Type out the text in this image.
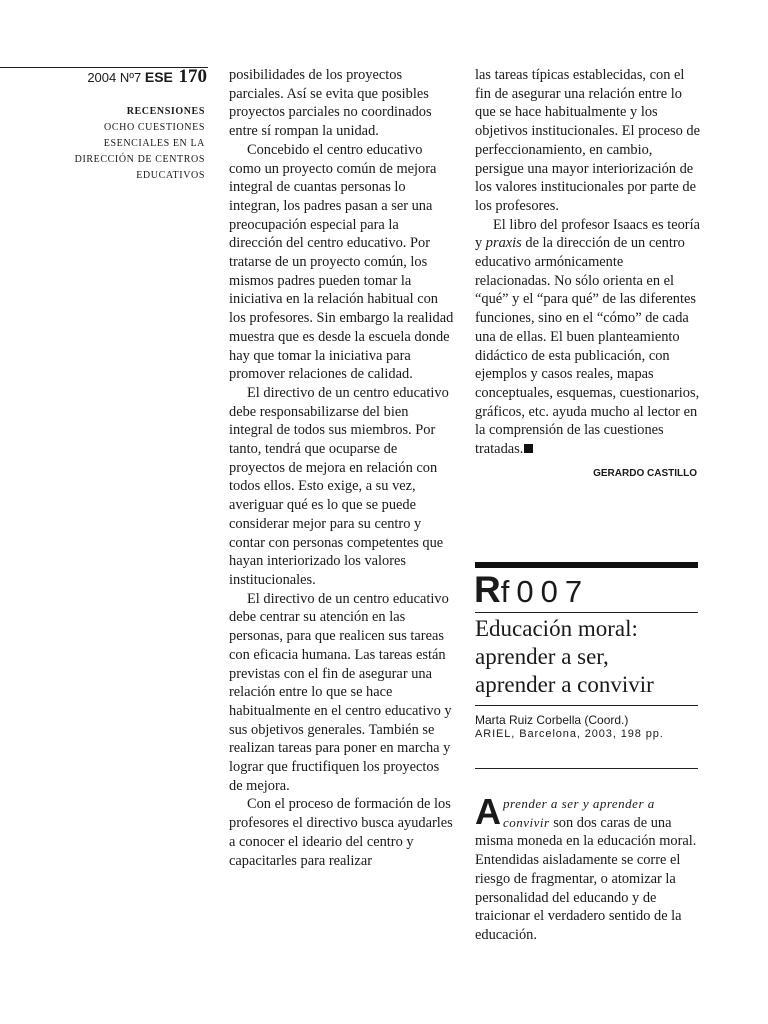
2004 Nº7 ESE 170
RECENSIONES
OCHO CUESTIONES
ESENCIALES EN LA
DIRECCIÓN DE CENTROS
EDUCATIVOS

posibilidades de los proyectos parciales. Así se evita que posibles proyectos parciales no coordinados entre sí rompan la unidad.

Concebido el centro educativo como un proyecto común de mejora integral de cuantas personas lo integran, los padres pasan a ser una preocupación especial para la dirección del centro educativo. Por tratarse de un proyecto común, los mismos padres pueden tomar la iniciativa en la relación habitual con los profesores. Sin embargo la realidad muestra que es desde la escuela donde hay que tomar la iniciativa para promover relaciones de calidad.

El directivo de un centro educativo debe responsabilizarse del bien integral de todos sus miembros. Por tanto, tendrá que ocuparse de proyectos de mejora en relación con todos ellos. Esto exige, a su vez, averiguar qué es lo que se puede considerar mejor para su centro y contar con personas competentes que hayan interiorizado los valores institucionales.

El directivo de un centro educativo debe centrar su atención en las personas, para que realicen sus tareas con eficacia humana. Las tareas están previstas con el fin de asegurar una relación entre lo que se hace habitualmente en el centro educativo y sus objetivos generales. También se realizan tareas para poner en marcha y lograr que fructifiquen los proyectos de mejora.

Con el proceso de formación de los profesores el directivo busca ayudarles a conocer el ideario del centro y capacitarles para realizar

las tareas típicas establecidas, con el fin de asegurar una relación entre lo que se hace habitualmente y los objetivos institucionales. El proceso de perfeccionamiento, en cambio, persigue una mayor interiorización de los valores institucionales por parte de los profesores.

El libro del profesor Isaacs es teoría y praxis de la dirección de un centro educativo armónicamente relacionadas. No sólo orienta en el “qué” y el “para qué” de las diferentes funciones, sino en el “cómo” de cada una de ellas. El buen planteamiento didáctico de esta publicación, con ejemplos y casos reales, mapas conceptuales, esquemas, cuestionarios, gráficos, etc. ayuda mucho al lector en la comprensión de las cuestiones tratadas.

GERARDO CASTILLO
Rf007
Educación moral:
aprender a ser,
aprender a convivir
Marta Ruiz Corbella (Coord.)
ARIEL, Barcelona, 2003, 198 pp.

Aprender a ser y aprender a convivir son dos caras de una misma moneda en la educación moral. Entendidas aisladamente se corre el riesgo de fragmentar, o atomizar la personalidad del educando y de traicionar el verdadero sentido de la educación.
